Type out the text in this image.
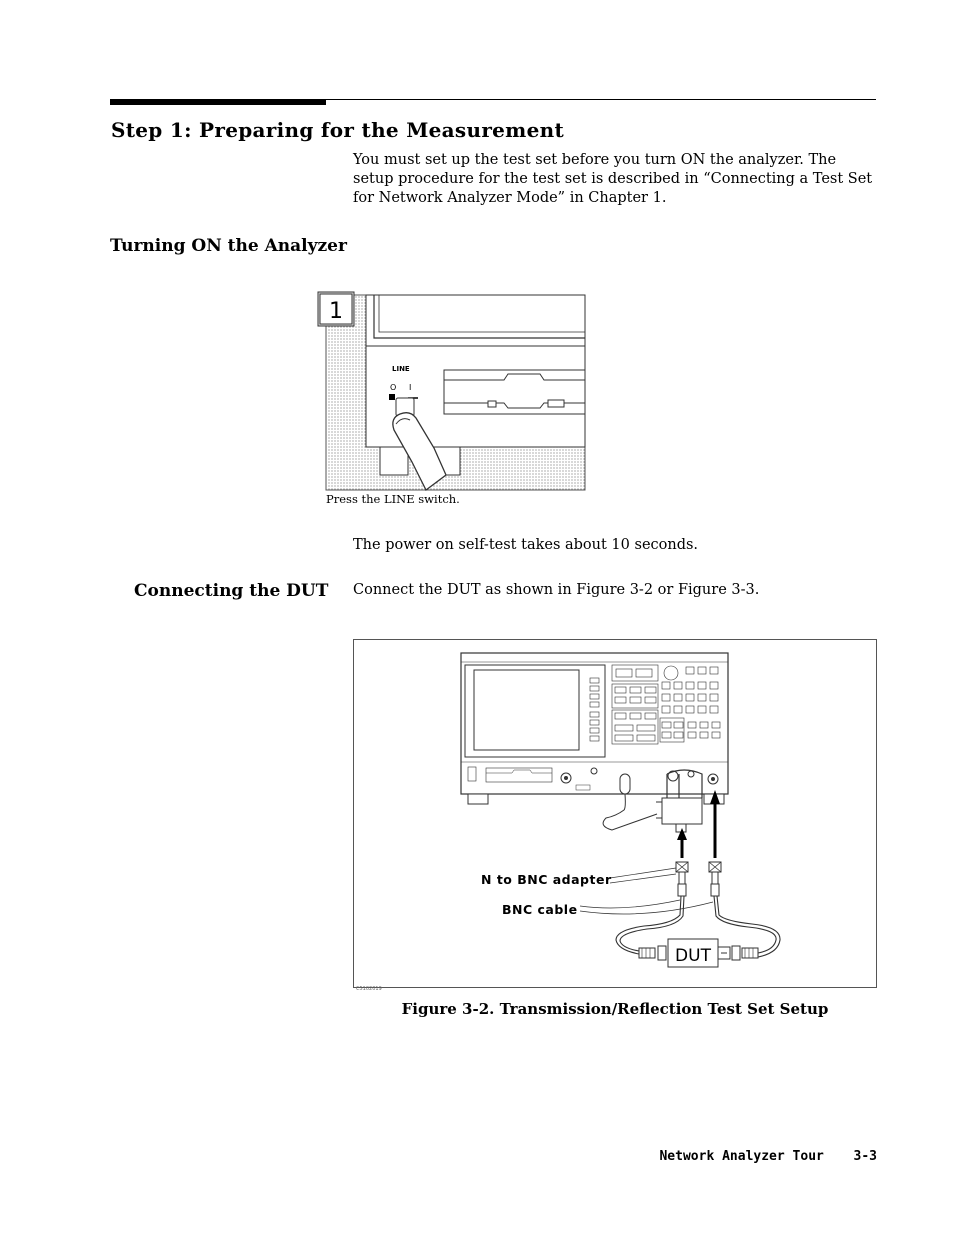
Step 1: Preparing for the Measurement
You must set up the test set before you turn ON the analyzer. The setup procedure for the test set is described in “Connecting a Test Set for Network Analyzer Mode” in Chapter 1.
Turning ON the Analyzer
LINE
O I
1
Press the LINE switch.
The power on self-test takes about 10 seconds.
Connecting the DUT Connect the DUT as shown in Figure 3-2 or Figure 3-3.
DUT
N to BNC adapter
BNC cable
C5102019
Figure 3-2. Transmission/Reflection Test Set Setup
Network Analyzer Tour 3-3
